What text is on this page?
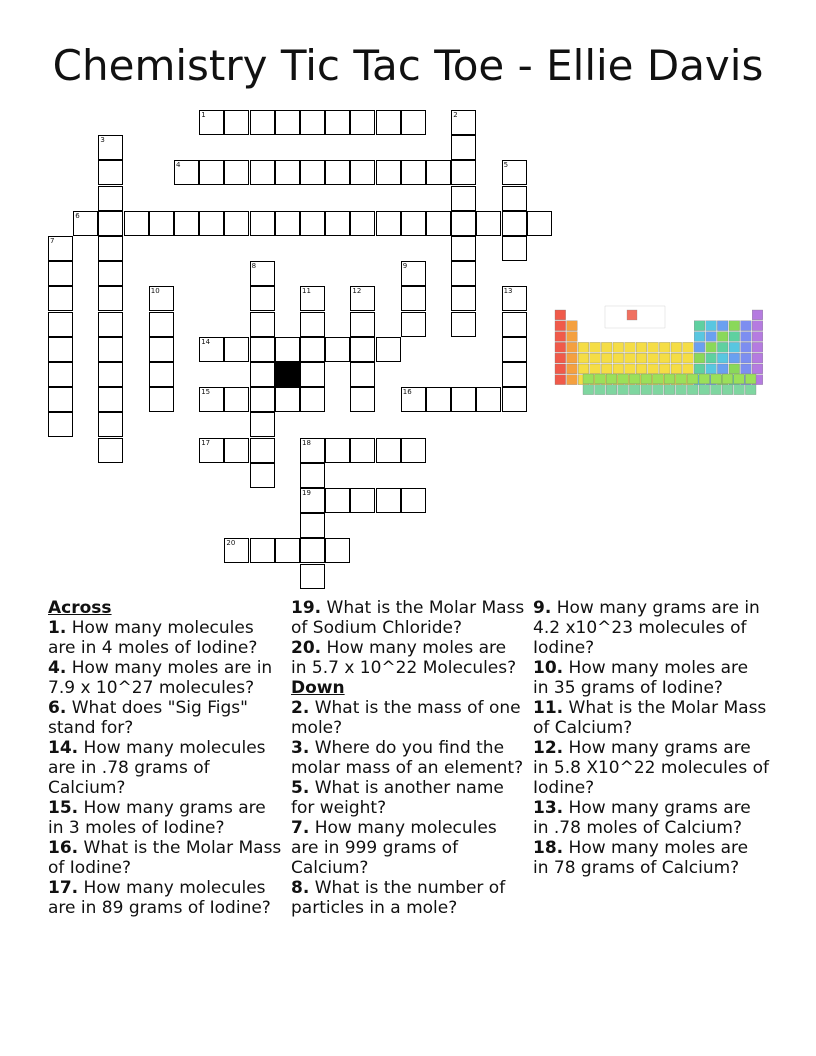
Chemistry Tic Tac Toe - Ellie Davis
1	2
3
4	5
6
7
8	9
10	11	12	13
14
15	16
17	18
19
20

Across

1. How many molecules are in 4 moles of Iodine?

4. How many moles are in 7.9 x 10^27 molecules?

6. What does "Sig Figs" stand for?

14. How many molecules are in .78 grams of Calcium?

15. How many grams are in 3 moles of Iodine?

16. What is the Molar Mass of Iodine?

17. How many molecules are in 89 grams of Iodine?

19. What is the Molar Mass of Sodium Chloride?

20. How many moles are in 5.7 x 10^22 Molecules?

Down

2. What is the mass of one mole?

3. Where do you find the molar mass of an element?

5. What is another name for weight?

7. How many molecules are in 999 grams of Calcium?

8. What is the number of particles in a mole?

9. How many grams are in 4.2 x10^23 molecules of Iodine?

10. How many moles are in 35 grams of Iodine?

11. What is the Molar Mass of Calcium?

12. How many grams are in 5.8 X10^22 molecules of Iodine?

13. How many grams are in .78 moles of Calcium?

18. How many moles are in 78 grams of Calcium?
